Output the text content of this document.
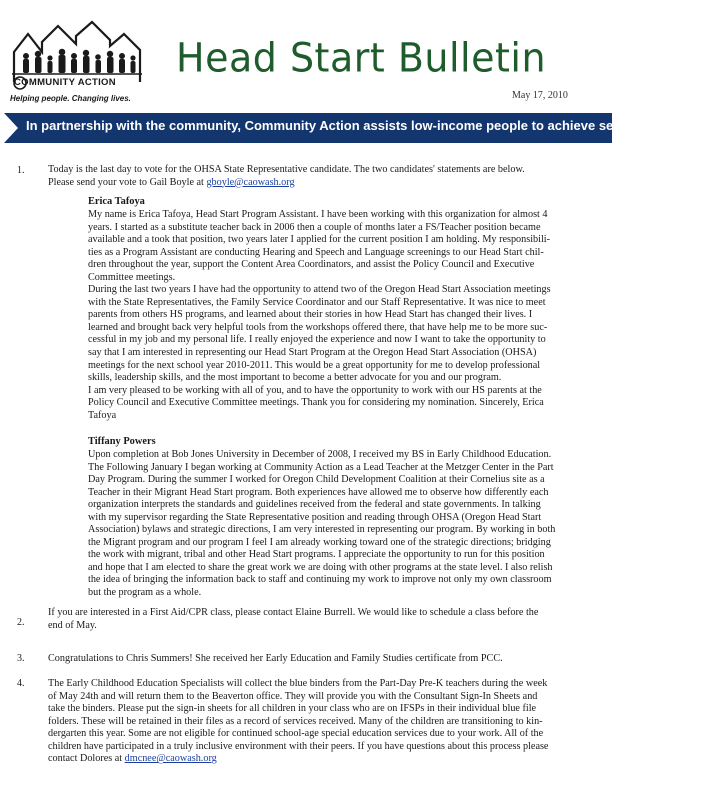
COMMUNITY ACTION
Helping people. Changing lives.
Head Start Bulletin
May 17, 2010
In partnership with the community, Community Action assists low-income people to achieve self-determination.
1. Today is the last day to vote for the OHSA State Representative candidate. The two candidates' statements are below.
Please send your vote to Gail Boyle at gboyle@caowash.org
Erica Tafoya
My name is Erica Tafoya, Head Start Program Assistant. I have been working with this organization for almost 4
years. I started as a substitute teacher back in 2006 then a couple of months later a FS/Teacher position became
available and a took that position, two years later I applied for the current position I am holding. My responsibili-
ties as a Program Assistant are conducting Hearing and Speech and Language screenings to our Head Start chil-
dren throughout the year, support the Content Area Coordinators, and assist the Policy Council and Executive
Committee meetings.
During the last two years I have had the opportunity to attend two of the Oregon Head Start Association meetings
with the State Representatives, the Family Service Coordinator and our Staff Representative. It was nice to meet
parents from others HS programs, and learned about their stories in how Head Start has changed their lives. I
learned and brought back very helpful tools from the workshops offered there, that have help me to be more suc-
cessful in my job and my personal life. I really enjoyed the experience and now I want to take the opportunity to
say that I am interested in representing our Head Start Program at the Oregon Head Start Association (OHSA)
meetings for the next school year 2010-2011. This would be a great opportunity for me to develop professional
skills, leadership skills, and the most important to become a better advocate for you and our program.
I am very pleased to be working with all of you, and to have the opportunity to work with our HS parents at the
Policy Council and Executive Committee meetings. Thank you for considering my nomination. Sincerely, Erica
Tafoya
Tiffany Powers
Upon completion at Bob Jones University in December of 2008, I received my BS in Early Childhood Education.
The Following January I began working at Community Action as a Lead Teacher at the Metzger Center in the Part
Day Program. During the summer I worked for Oregon Child Development Coalition at their Cornelius site as a
Teacher in their Migrant Head Start program. Both experiences have allowed me to observe how differently each
organization interprets the standards and guidelines received from the federal and state governments. In talking
with my supervisor regarding the State Representative position and reading through OHSA (Oregon Head Start
Association) bylaws and strategic directions, I am very interested in representing our program. By working in both
the Migrant program and our program I feel I am already working toward one of the strategic directions; bridging
the work with migrant, tribal and other Head Start programs. I appreciate the opportunity to run for this position
and hope that I am elected to share the great work we are doing with other programs at the state level. I also relish
the idea of bringing the information back to staff and continuing my work to improve not only my own classroom
but the program as a whole.
2.
If you are interested in a First Aid/CPR class, please contact Elaine Burrell. We would like to schedule a class before the
end of May.
3. Congratulations to Chris Summers! She received her Early Education and Family Studies certificate from PCC.
4. The Early Childhood Education Specialists will collect the blue binders from the Part-Day Pre-K teachers during the week
of May 24th and will return them to the Beaverton office. They will provide you with the Consultant Sign-In Sheets and
take the binders. Please put the sign-in sheets for all children in your class who are on IFSPs in their individual blue file
folders. These will be retained in their files as a record of services received. Many of the children are transitioning to kin-
dergarten this year. Some are not eligible for continued school-age special education services due to your work. All of the
children have participated in a truly inclusive environment with their peers. If you have questions about this process please
contact Dolores at dmcnee@caowash.org
